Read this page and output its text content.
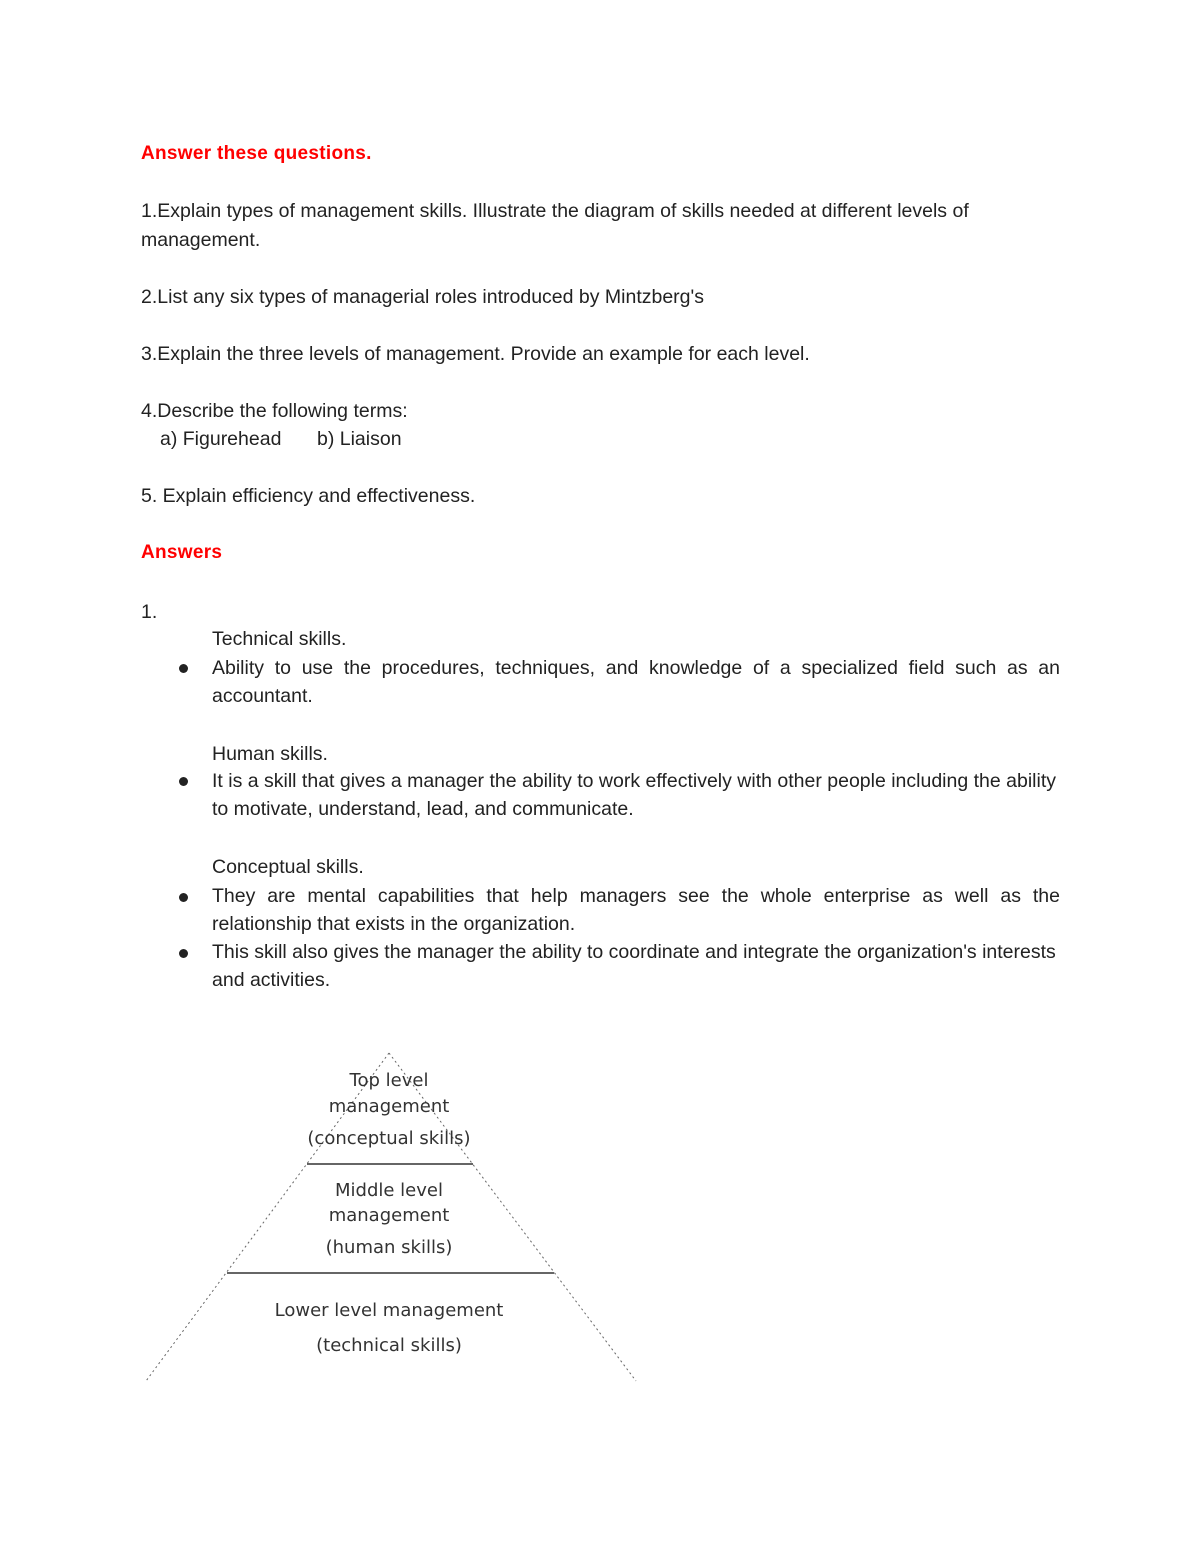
Answer these questions.
1.Explain types of management skills. Illustrate the diagram of skills needed at different levels of management.
2.List any six types of managerial roles introduced by Mintzberg's
3.Explain the three levels of management. Provide an example for each level.
4.Describe the following terms:
a) Figurehead b) Liaison
5. Explain efficiency and effectiveness.
Answers
1.
Technical skills.
Ability to use the procedures, techniques, and knowledge of a specialized field such as an accountant.
Human skills.
It is a skill that gives a manager the ability to work effectively with other people including the ability to motivate, understand, lead, and communicate.
Conceptual skills.
They are mental capabilities that help managers see the whole enterprise as well as the relationship that exists in the organization.
This skill also gives the manager the ability to coordinate and integrate the organization's interests and activities.
Top level
management
(conceptual skills)
Middle level
management
(human skills)
Lower level management
(technical skills)
